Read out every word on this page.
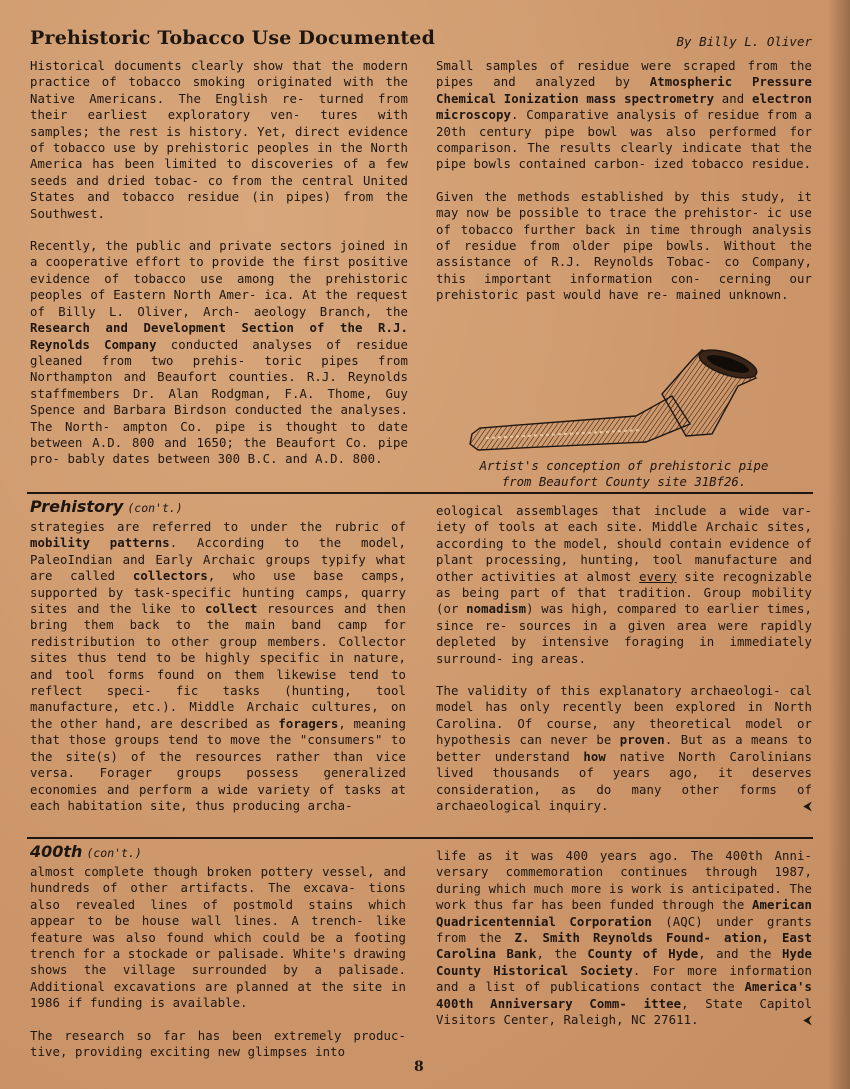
Prehistoric Tobacco Use Documented	By Billy L. Oliver

Historical documents clearly show that the modern practice of tobacco smoking originated with the Native Americans. The English re- turned from their earliest exploratory ven- tures with samples; the rest is history. Yet, direct evidence of tobacco use by prehistoric peoples in the North America has been limited to discoveries of a few seeds and dried tobac- co from the central United States and tobacco residue (in pipes) from the Southwest.

Recently, the public and private sectors joined in a cooperative effort to provide the first positive evidence of tobacco use among the prehistoric peoples of Eastern North Amer- ica. At the request of Billy L. Oliver, Arch- aeology Branch, the Research and Development Section of the R.J. Reynolds Company conducted analyses of residue gleaned from two prehis- toric pipes from Northampton and Beaufort counties. R.J. Reynolds staffmembers Dr. Alan Rodgman, F.A. Thome, Guy Spence and Barbara Birdson conducted the analyses. The North- ampton Co. pipe is thought to date between A.D. 800 and 1650; the Beaufort Co. pipe pro- bably dates between 300 B.C. and A.D. 800.

Small samples of residue were scraped from the pipes and analyzed by Atmospheric Pressure Chemical Ionization mass spectrometry and electron microscopy. Comparative analysis of residue from a 20th century pipe bowl was also performed for comparison. The results clearly indicate that the pipe bowls contained carbon- ized tobacco residue.

Given the methods established by this study, it may now be possible to trace the prehistor- ic use of tobacco further back in time through analysis of residue from older pipe bowls. Without the assistance of R.J. Reynolds Tobac- co Company, this important information con- cerning our prehistoric past would have re- mained unknown.

Artist's conception of prehistoric pipe
from Beaufort County site 31Bf26.
Prehistory (con't.)

strategies are referred to under the rubric of mobility patterns. According to the model, PaleoIndian and Early Archaic groups typify what are called collectors, who use base camps, supported by task-specific hunting camps, quarry sites and the like to collect resources and then bring them back to the main band camp for redistribution to other group members. Collector sites thus tend to be highly specific in nature, and tool forms found on them likewise tend to reflect speci- fic tasks (hunting, tool manufacture, etc.). Middle Archaic cultures, on the other hand, are described as foragers, meaning that those groups tend to move the "consumers" to the site(s) of the resources rather than vice versa. Forager groups possess generalized economies and perform a wide variety of tasks at each habitation site, thus producing archa-

eological assemblages that include a wide var- iety of tools at each site. Middle Archaic sites, according to the model, should contain evidence of plant processing, hunting, tool manufacture and other activities at almost every site recognizable as being part of that tradition. Group mobility (or nomadism) was high, compared to earlier times, since re- sources in a given area were rapidly depleted by intensive foraging in immediately surround- ing areas.

The validity of this explanatory archaeologi- cal model has only recently been explored in North Carolina. Of course, any theoretical model or hypothesis can never be proven. But as a means to better understand how native North Carolinians lived thousands of years ago, it deserves consideration, as do many other forms of archaeological inquiry.	⮜

400th (con't.)

almost complete though broken pottery vessel, and hundreds of other artifacts. The excava- tions also revealed lines of postmold stains which appear to be house wall lines. A trench- like feature was also found which could be a footing trench for a stockade or palisade. White's drawing shows the village surrounded by a palisade. Additional excavations are planned at the site in 1986 if funding is available.

The research so far has been extremely produc- tive, providing exciting new glimpses into

life as it was 400 years ago. The 400th Anni- versary commemoration continues through 1987, during which much more is work is anticipated. The work thus far has been funded through the American Quadricentennial Corporation (AQC) under grants from the Z. Smith Reynolds Found- ation, East Carolina Bank, the County of Hyde, and the Hyde County Historical Society. For more information and a list of publications contact the America's 400th Anniversary Comm- ittee, State Capitol Visitors Center, Raleigh, NC 27611.	⮜

8
